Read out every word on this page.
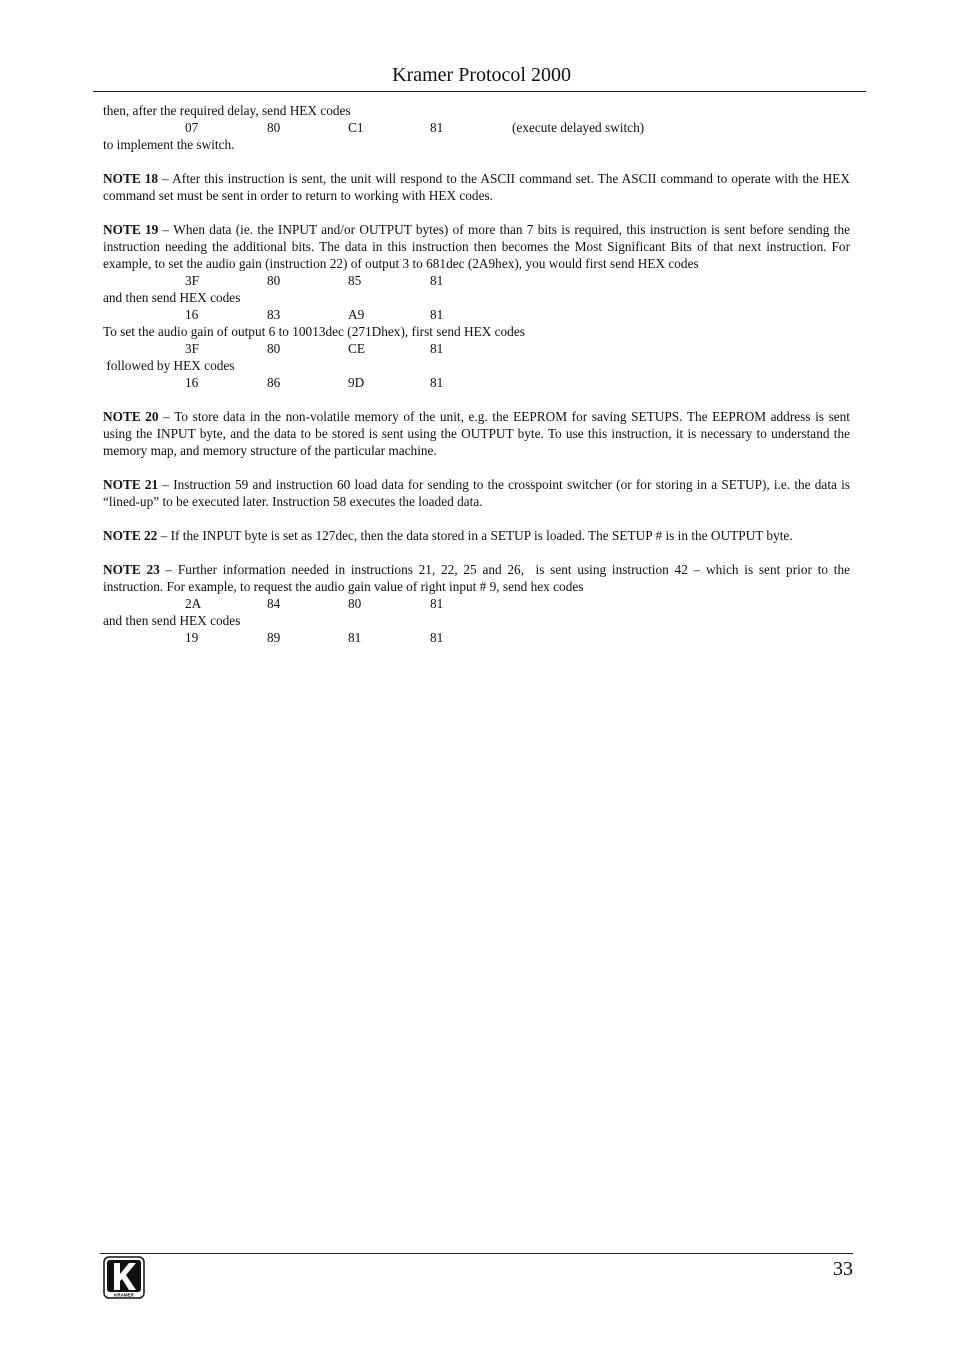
Kramer Protocol 2000
then, after the required delay, send HEX codes
07	80	C1	81	(execute delayed switch)
to implement the switch.
NOTE 18 – After this instruction is sent, the unit will respond to the ASCII command set. The ASCII command to operate with the HEX command set must be sent in order to return to working with HEX codes.
NOTE 19 – When data (ie. the INPUT and/or OUTPUT bytes) of more than 7 bits is required, this instruction is sent before sending the instruction needing the additional bits. The data in this instruction then becomes the Most Significant Bits of that next instruction. For example, to set the audio gain (instruction 22) of output 3 to 681dec (2A9hex), you would first send HEX codes
3F	80	85	81
and then send HEX codes
16	83	A9	81
To set the audio gain of output 6 to 10013dec (271Dhex), first send HEX codes
3F	80	CE	81
followed by HEX codes
16	86	9D	81
NOTE 20 – To store data in the non-volatile memory of the unit, e.g. the EEPROM for saving SETUPS. The EEPROM address is sent using the INPUT byte, and the data to be stored is sent using the OUTPUT byte. To use this instruction, it is necessary to understand the memory map, and memory structure of the particular machine.
NOTE 21 – Instruction 59 and instruction 60 load data for sending to the crosspoint switcher (or for storing in a SETUP), i.e. the data is “lined-up” to be executed later. Instruction 58 executes the loaded data.
NOTE 22 – If the INPUT byte is set as 127dec, then the data stored in a SETUP is loaded. The SETUP # is in the OUTPUT byte.
NOTE 23 – Further information needed in instructions 21, 22, 25 and 26,  is sent using instruction 42 – which is sent prior to the instruction. For example, to request the audio gain value of right input # 9, send hex codes
2A	84	80	81
and then send HEX codes
19	89	81	81
KRAMER
33
